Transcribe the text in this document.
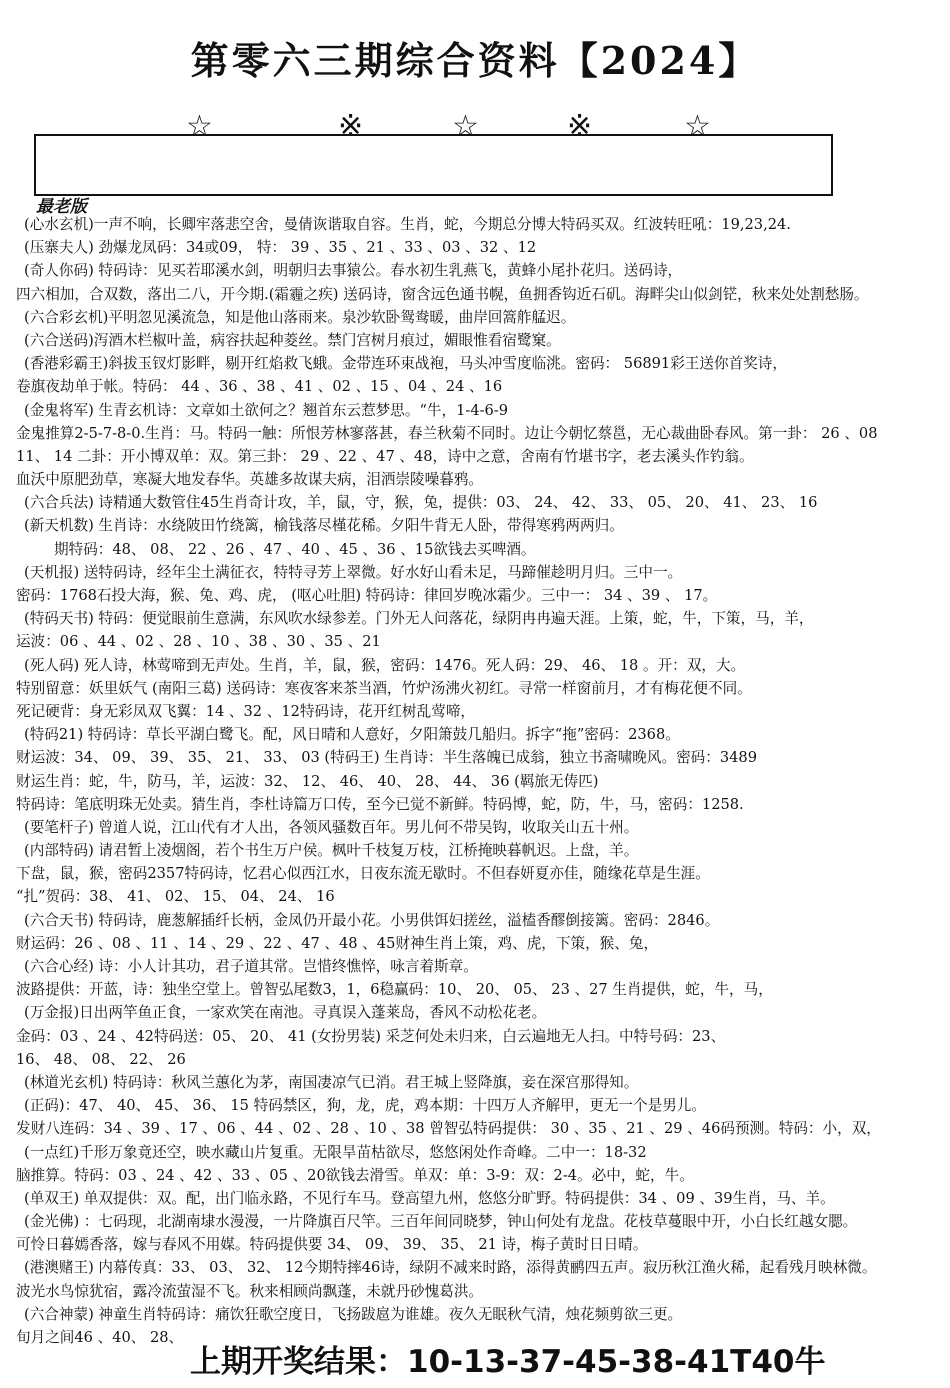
第零六三期综合资料【2024】
☆	※	☆	※	☆
最老版
(心水玄机)一声不响，长卿牢落悲空舍，曼倩诙谐取自容。生肖，蛇，今期总分博大特码买双。红波转旺吼：19,23,24.
(压寨夫人) 劲爆龙凤码：34或09， 特： 39 、35 、21 、33 、03 、32 、12
(奇人你码) 特码诗：见买若耶溪水剑，明朝归去事猿公。春水初生乳燕飞，黄蜂小尾扑花归。送码诗，
四六相加，合双数，落出二八，开今期.(霜霾之疾) 送码诗，窗含远色通书幌，鱼拥香钩近石矶。海畔尖山似剑铓，秋来处处割愁肠。
(六合彩玄机)平明忽见溪流急，知是他山落雨来。泉沙软卧鸳鸯暖，曲岸回篙舴艋迟。
(六合送码)泻酒木栏椒叶盖，病容扶起种菱丝。禁门宫树月痕过，媚眼惟看宿鹭窠。
(香港彩霸王)斜拔玉钗灯影畔，剔开红焰救飞蛾。金带连环束战袍，马头冲雪度临洮。密码： 56891彩王送你首奖诗，
卷旗夜劫单于帐。特码： 44 、36 、38 、41 、02 、15 、04 、24 、16
(金鬼将军) 生青玄机诗：文章如土欲何之？翘首东云惹梦思。“牛，1-4-6-9
金鬼推算2-5-7-8-0.生肖：马。特码一触：所恨芳林寥落甚，春兰秋菊不同时。边让今朝忆蔡邕，无心裁曲卧春风。第一卦： 26 、08
11、 14 二卦：开小博双单：双。第三卦： 29 、22 、47 、48，诗中之意，舍南有竹堪书字，老去溪头作钓翁。
血沃中原肥劲草，寒凝大地发春华。英雄多故谋夫病，泪洒崇陵噪暮鸦。
(六合兵法) 诗精通大数管住45生肖奇计攻，羊，鼠，守，猴，兔，提供：03、 24、 42、 33、 05、 20、 41、 23、 16
(新天机数) 生肖诗：水绕陂田竹绕篱，榆钱落尽槿花稀。夕阳牛背无人卧，带得寒鸦两两归。
期特码：48、 08、 22 、26 、47 、40 、45 、36 、15欲钱去买啤酒。
(天机报) 送特码诗，经年尘土满征衣，特特寻芳上翠微。好水好山看未足，马蹄催趁明月归。三中一。
密码：1768石投大海，猴、兔、鸡、虎， (呕心吐胆) 特码诗：律回岁晚冰霜少。三中一： 34 、39 、 17。
(特码天书) 特码：便觉眼前生意满，东风吹水绿参差。门外无人问落花，绿阴冉冉遍天涯。上策，蛇，牛，下策，马，羊，
运波：06 、44 、02 、28 、10 、38 、30 、35 、21
(死人码) 死人诗，林莺啼到无声处。生肖，羊，鼠，猴，密码：1476。死人码：29、 46、 18 。开：双，大。
特别留意：妖里妖气 (南阳三葛) 送码诗：寒夜客来茶当酒，竹炉汤沸火初红。寻常一样窗前月，才有梅花便不同。
死记硬背：身无彩凤双飞翼：14 、32 、12特码诗，花开红树乱莺啼，
(特码21) 特码诗：草长平湖白鹭飞。配，风日晴和人意好，夕阳箫鼓几船归。拆字“拖”密码：2368。
财运波：34、 09、 39、 35、 21、 33、 03 (特码王) 生肖诗：半生落魄已成翁，独立书斋啸晚风。密码：3489
财运生肖：蛇，牛，防马，羊，运波：32、 12、 46、 40、 28、 44、 36 (羁旅无俦匹)
特码诗：笔底明珠无处卖。猜生肖，李杜诗篇万口传，至今已觉不新鲜。特码博，蛇，防，牛，马，密码：1258.
(要笔杆子) 曾道人说，江山代有才人出，各领风骚数百年。男儿何不带吴钩，收取关山五十州。
(内部特码) 请君暂上凌烟阁，若个书生万户侯。枫叶千枝复万枝，江桥掩映暮帆迟。上盘，羊。
下盘，鼠，猴，密码2357特码诗，忆君心似西江水，日夜东流无歇时。不但春妍夏亦佳，随缘花草是生涯。
“扎”贺码：38、 41、 02、 15、 04、 24、 16
(六合天书) 特码诗，鹿葱解插纤长柄，金凤仍开最小花。小男供饵妇搓丝，溢榼香醪倒接篱。密码：2846。
财运码：26 、08 、11 、14 、29 、22 、47 、48 、45财神生肖上策，鸡、虎，下策，猴、兔，
(六合心经) 诗：小人计其功，君子道其常。岂惜终憔悴，咏言着斯章。
波路提供：开蓝，诗：独坐空堂上。曾智弘尾数3，1，6稳赢码：10、 20、 05、 23 、27 生肖提供，蛇，牛，马，
(万金报)日出两竿鱼正食，一家欢笑在南池。寻真误入蓬莱岛，香风不动松花老。
金码：03 、24 、42特码送：05、 20、 41 (女扮男装) 采芝何处未归来，白云遍地无人扫。中特号码：23、
16、 48、 08、 22、 26
(林道光玄机) 特码诗：秋风兰蕙化为茅，南国凄凉气已消。君王城上竖降旗，妾在深宫那得知。
(正码)：47、 40、 45、 36、 15 特码禁区，狗，龙，虎，鸡本期：十四万人齐解甲，更无一个是男儿。
发财八连码：34 、39 、17 、06 、44 、02 、28 、10 、38 曾智弘特码提供： 30 、35 、21 、29 、46码预测。特码：小，双，
(一点红)千形万象竟还空，映水藏山片复重。无限旱苗枯欲尽，悠悠闲处作奇峰。二中一：18-32
脑推算。特码：03 、24 、42 、33 、05 、20欲钱去滑雪。单双：单：3-9：双：2-4。必中，蛇，牛。
(单双王) 单双提供：双。配，出门临永路，不见行车马。登高望九州，悠悠分旷野。特码提供：34 、09 、39生肖，马、羊。
(金光佛) ：七码现，北湖南埭水漫漫，一片降旗百尺竿。三百年间同晓梦，钟山何处有龙盘。花枝草蔓眼中开，小白长红越女腮。
可怜日暮嫣香落，嫁与春风不用媒。特码提供要 34、 09、 39、 35、 21 诗，梅子黄时日日晴。
(港澳赌王) 内幕传真：33、 03、 32、 12今期特摔46诗，绿阴不减来时路，添得黄鹂四五声。寂历秋江渔火稀，起看残月映林微。
波光水鸟惊犹宿，露冷流萤湿不飞。秋来相顾尚飘蓬，未就丹砂愧葛洪。
(六合神蒙) 神童生肖特码诗：痛饮狂歌空度日，飞扬跋扈为谁雄。夜久无眠秋气清，烛花频剪欲三更。
旬月之间46 、40、 28、
上期开奖结果：10-13-37-45-38-41T40牛
